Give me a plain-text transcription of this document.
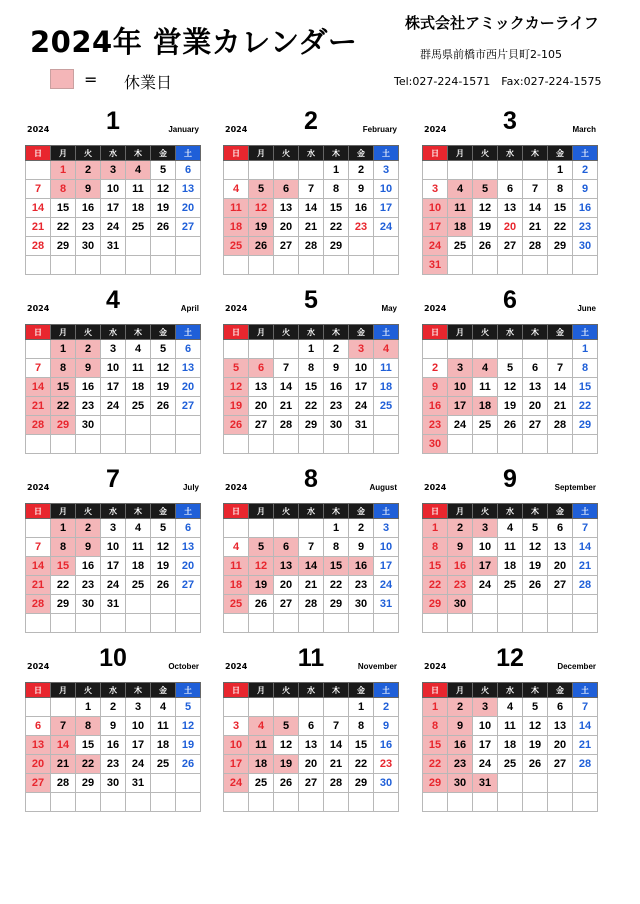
2024年 営業カレンダー
株式会社アミックカーライフ
群馬県前橋市西片貝町2-105
Tel:027-224-1571　Fax:027-224-1575
= 休業日
2024	1	January
日	月	火	水	木	金	土
	1	2	3	4	5	6
7	8	9	10	11	12	13
14	15	16	17	18	19	20
21	22	23	24	25	26	27
28	29	30	31			

2024	2	February
日	月	火	水	木	金	土
				1	2	3
4	5	6	7	8	9	10
11	12	13	14	15	16	17
18	19	20	21	22	23	24
25	26	27	28	29		

2024	3	March
日	月	火	水	木	金	土
					1	2
3	4	5	6	7	8	9
10	11	12	13	14	15	16
17	18	19	20	21	22	23
24	25	26	27	28	29	30
31						
2024	4	April
日	月	火	水	木	金	土
	1	2	3	4	5	6
7	8	9	10	11	12	13
14	15	16	17	18	19	20
21	22	23	24	25	26	27
28	29	30				

2024	5	May
日	月	火	水	木	金	土
			1	2	3	4
5	6	7	8	9	10	11
12	13	14	15	16	17	18
19	20	21	22	23	24	25
26	27	28	29	30	31	

2024	6	June
日	月	火	水	木	金	土
						1
2	3	4	5	6	7	8
9	10	11	12	13	14	15
16	17	18	19	20	21	22
23	24	25	26	27	28	29
30						
2024	7	July
日	月	火	水	木	金	土
	1	2	3	4	5	6
7	8	9	10	11	12	13
14	15	16	17	18	19	20
21	22	23	24	25	26	27
28	29	30	31			

2024	8	August
日	月	火	水	木	金	土
				1	2	3
4	5	6	7	8	9	10
11	12	13	14	15	16	17
18	19	20	21	22	23	24
25	26	27	28	29	30	31

2024	9	September
日	月	火	水	木	金	土
1	2	3	4	5	6	7
8	9	10	11	12	13	14
15	16	17	18	19	20	21
22	23	24	25	26	27	28
29	30					

2024	10	October
日	月	火	水	木	金	土
		1	2	3	4	5
6	7	8	9	10	11	12
13	14	15	16	17	18	19
20	21	22	23	24	25	26
27	28	29	30	31		

2024	11	November
日	月	火	水	木	金	土
					1	2
3	4	5	6	7	8	9
10	11	12	13	14	15	16
17	18	19	20	21	22	23
24	25	26	27	28	29	30

2024	12	December
日	月	火	水	木	金	土
1	2	3	4	5	6	7
8	9	10	11	12	13	14
15	16	17	18	19	20	21
22	23	24	25	26	27	28
29	30	31				
